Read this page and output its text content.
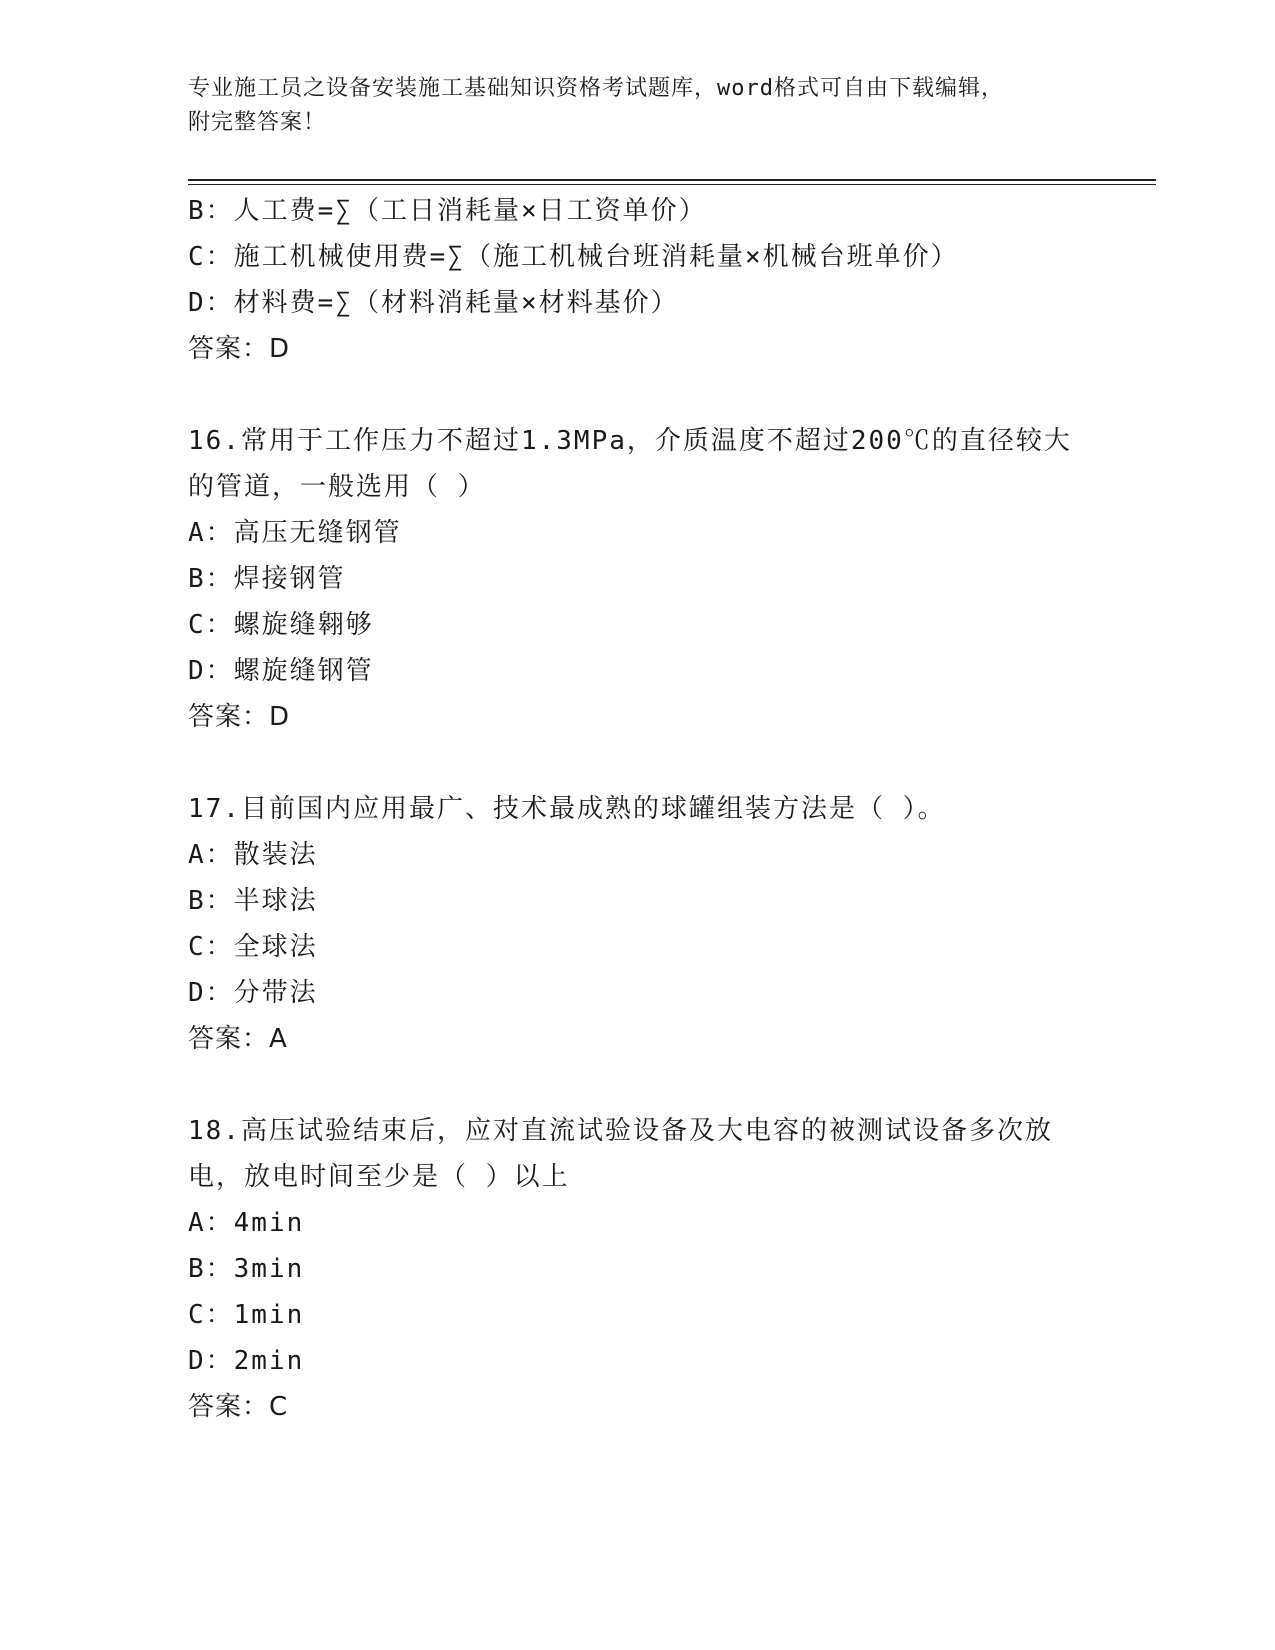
专业施工员之设备安装施工基础知识资格考试题库，word格式可自由下载编辑，
附完整答案！
B：人工费=∑（工日消耗量×日工资单价）
C：施工机械使用费=∑（施工机械台班消耗量×机械台班单价）
D：材料费=∑（材料消耗量×材料基价）
答案：D
16.常用于工作压力不超过1.3MPa，介质温度不超过200℃的直径较大
的管道，一般选用（ ）
A：高压无缝钢管
B：焊接钢管
C：螺旋缝翱够
D：螺旋缝钢管
答案：D
17.目前国内应用最广、技术最成熟的球罐组装方法是（ ）。
A：散装法
B：半球法
C：全球法
D：分带法
答案：A
18.高压试验结束后，应对直流试验设备及大电容的被测试设备多次放
电，放电时间至少是（ ）以上
A：4min
B：3min
C：1min
D：2min
答案：C
